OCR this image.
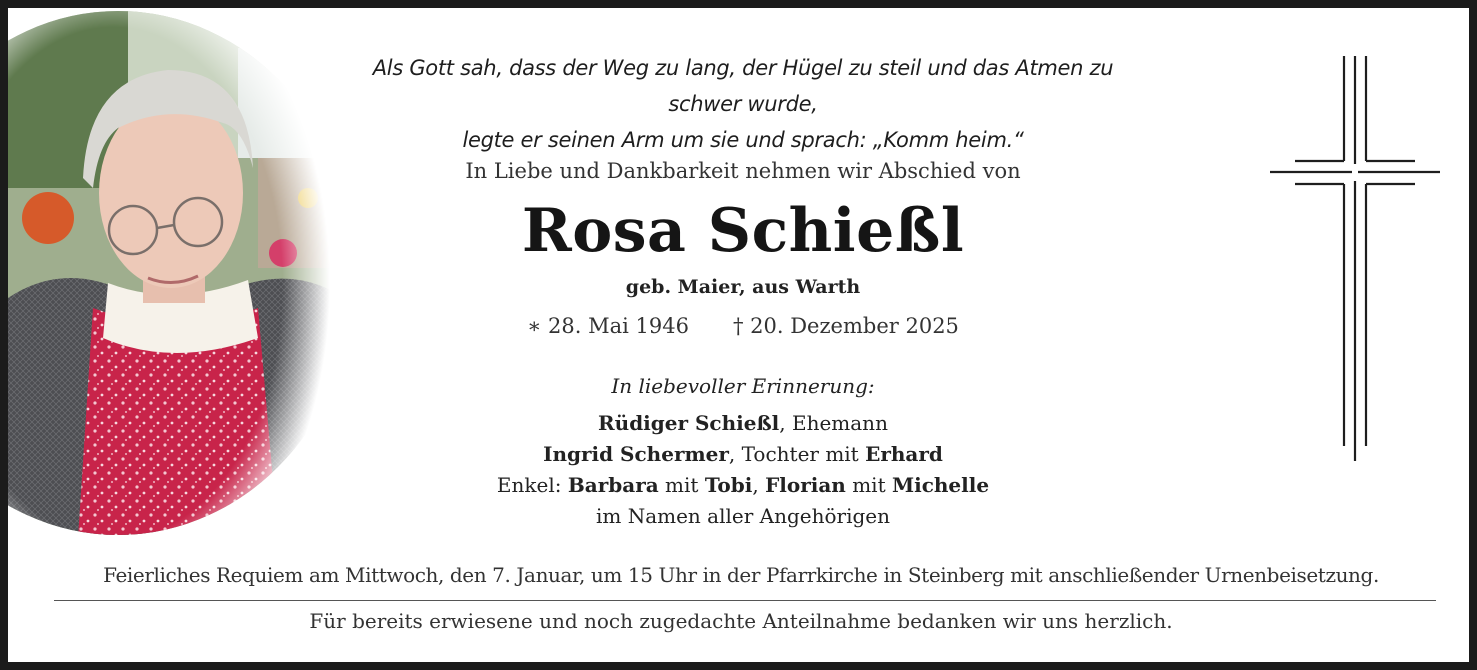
Als Gott sah, dass der Weg zu lang, der Hügel zu steil und das Atmen zu schwer wurde,
legte er seinen Arm um sie und sprach: „Komm heim.“
In Liebe und Dankbarkeit nehmen wir Abschied von
Rosa Schießl
geb. Maier, aus Warth
∗ 28. Mai 1946 † 20. Dezember 2025
In liebevoller Erinnerung:
Rüdiger Schießl, Ehemann
Ingrid Schermer, Tochter mit Erhard
Enkel: Barbara mit Tobi, Florian mit Michelle
im Namen aller Angehörigen
Feierliches Requiem am Mittwoch, den 7. Januar, um 15 Uhr in der Pfarrkirche in Steinberg mit anschließender Urnenbeisetzung.
Für bereits erwiesene und noch zugedachte Anteilnahme bedanken wir uns herzlich.
